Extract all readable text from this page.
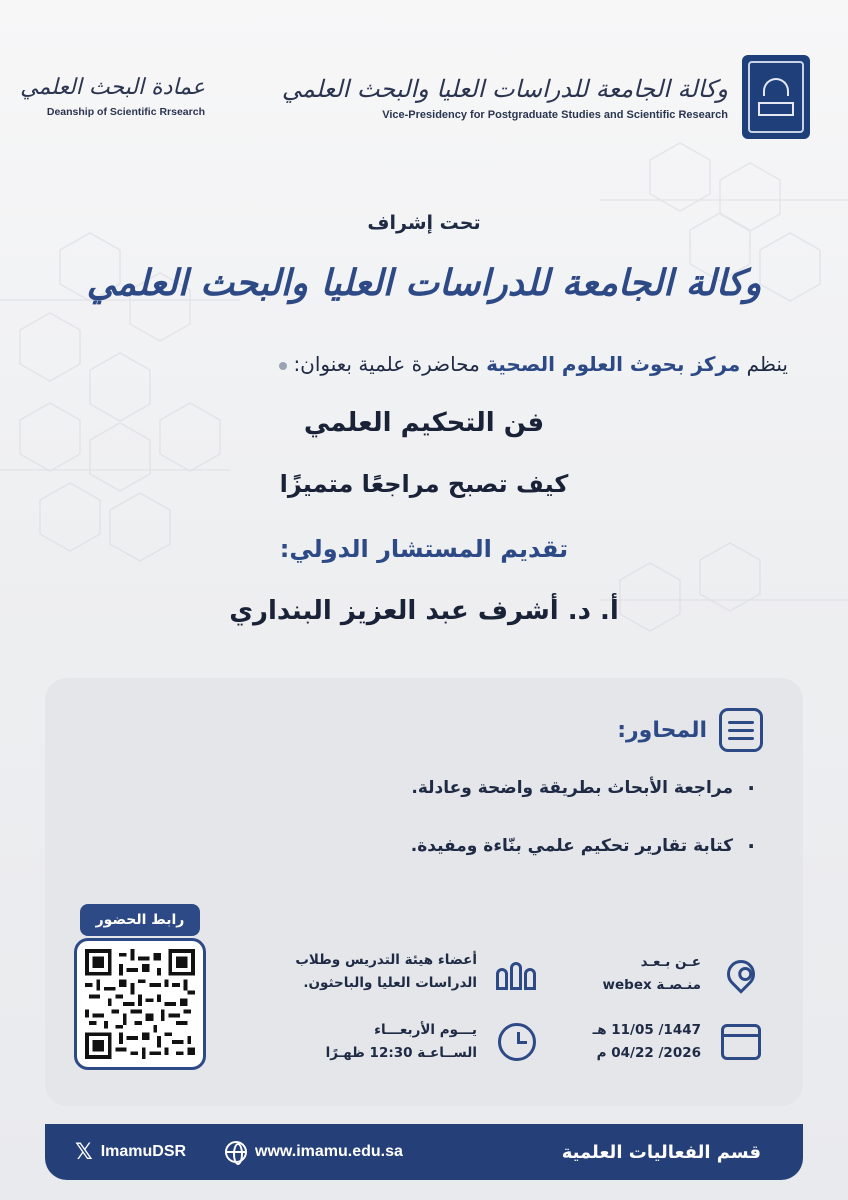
وكالة الجامعة للدراسات العليا والبحث العلمي
Vice-Presidency for Postgraduate Studies and Scientific Research
عمادة البحث العلمي
Deanship of Scientific Rrsearch
تحت إشراف
وكالة الجامعة للدراسات العليا والبحث العلمي
ينظم مركز بحوث العلوم الصحية محاضرة علمية بعنوان:
فن التحكيم العلمي
كيف تصبح مراجعًا متميزًا
تقديم المستشار الدولي:
أ. د. أشرف عبد العزيز البنداري
المحاور:
· مراجعة الأبحاث بطريقة واضحة وعادلة.
· كتابة تقارير تحكيم علمي بنّاءة ومفيدة.
عـن بـعـد
منـصـة webex
أعضاء هيئة التدريس وطلاب
الدراسات العليا والباحثون.
1447/ 11/05 هـ
2026/ 04/22 م
يـــوم الأربعـــاء
الســاعـة 12:30 ظهـرًا
رابط الحضور
𝕏 ImamuDSR	www.imamu.edu.sa	قسم الفعاليات العلمية
